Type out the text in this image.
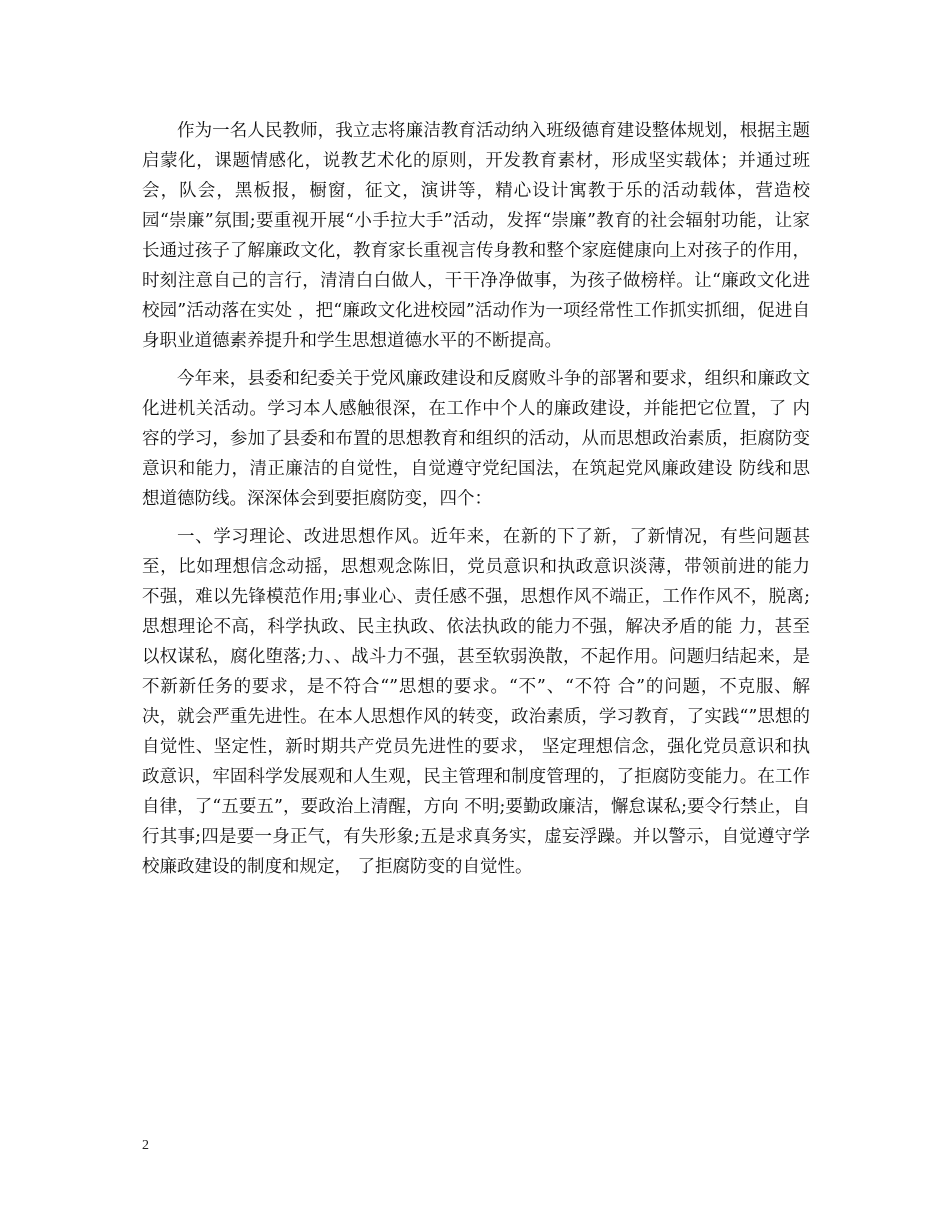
作为一名人民教师，我立志将廉洁教育活动纳入班级德育建设整体规划，根据主题启蒙化，课题情感化，说教艺术化的原则，开发教育素材，形成坚实载体；并通过班会，队会，黑板报，橱窗，征文，演讲等，精心设计寓教于乐的活动载体，营造校园“崇廉”氛围;要重视开展“小手拉大手”活动，发挥“崇廉”教育的社会辐射功能，让家长通过孩子了解廉政文化，教育家长重视言传身教和整个家庭健康向上对孩子的作用，时刻注意自己的言行，清清白白做人，干干净净做事，为孩子做榜样。让“廉政文化进校园”活动落在实处 ，把“廉政文化进校园”活动作为一项经常性工作抓实抓细，促进自身职业道德素养提升和学生思想道德水平的不断提高。

今年来，县委和纪委关于党风廉政建设和反腐败斗争的部署和要求，组织和廉政文化进机关活动。学习本人感触很深，在工作中个人的廉政建设，并能把它位置，了 内容的学习，参加了县委和布置的思想教育和组织的活动，从而思想政治素质，拒腐防变意识和能力，清正廉洁的自觉性，自觉遵守党纪国法，在筑起党风廉政建设 防线和思想道德防线。深深体会到要拒腐防变，四个：

一、学习理论、改进思想作风。近年来，在新的下了新，了新情况，有些问题甚至，比如理想信念动摇，思想观念陈旧，党员意识和执政意识淡薄，带领前进的能力 不强，难以先锋模范作用;事业心、责任感不强，思想作风不端正，工作作风不，脱离;思想理论不高，科学执政、民主执政、依法执政的能力不强，解决矛盾的能 力，甚至以权谋私，腐化堕落;力、、战斗力不强，甚至软弱涣散，不起作用。问题归结起来，是不新新任务的要求，是不符合“”思想的要求。“不”、“不符 合”的问题，不克服、解决，就会严重先进性。在本人思想作风的转变，政治素质，学习教育，了实践“”思想的自觉性、坚定性，新时期共产党员先进性的要求， 坚定理想信念，强化党员意识和执政意识，牢固科学发展观和人生观，民主管理和制度管理的，了拒腐防变能力。在工作自律，了“五要五”，要政治上清醒，方向 不明;要勤政廉洁，懈怠谋私;要令行禁止，自行其事;四是要一身正气，有失形象;五是求真务实，虚妄浮躁。并以警示，自觉遵守学校廉政建设的制度和规定， 了拒腐防变的自觉性。

2
